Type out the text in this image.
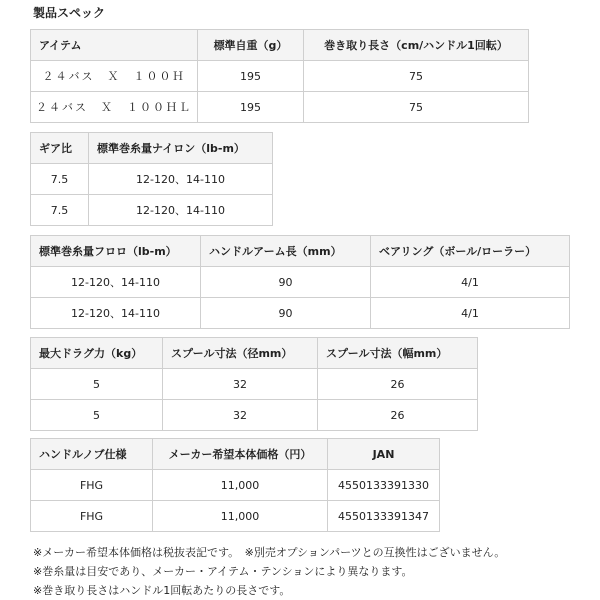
製品スペック
アイテム	標準自重（g）	巻き取り長さ（cm/ハンドル1回転）
２４バス　Ｘ　１００Ｈ	195	75
２４バス　Ｘ　１００ＨＬ	195	75
ギア比	標準巻糸量ナイロン（lb-m）
7.5	12-120、14-110
7.5	12-120、14-110
標準巻糸量フロロ（lb-m）	ハンドルアーム長（mm）	ベアリング（ボール/ローラー）
12-120、14-110	90	4/1
12-120、14-110	90	4/1
最大ドラグ力（kg）	スプール寸法（径mm）	スプール寸法（幅mm）
5	32	26
5	32	26
ハンドルノブ仕様	メーカー希望本体価格（円）	JAN
FHG	11,000	4550133391330
FHG	11,000	4550133391347
※メーカー希望本体価格は税抜表記です。　※別売オプションパーツとの互換性はございません。
※巻糸量は目安であり、メーカー・アイテム・テンションにより異なります。
※巻き取り長さはハンドル1回転あたりの長さです。
